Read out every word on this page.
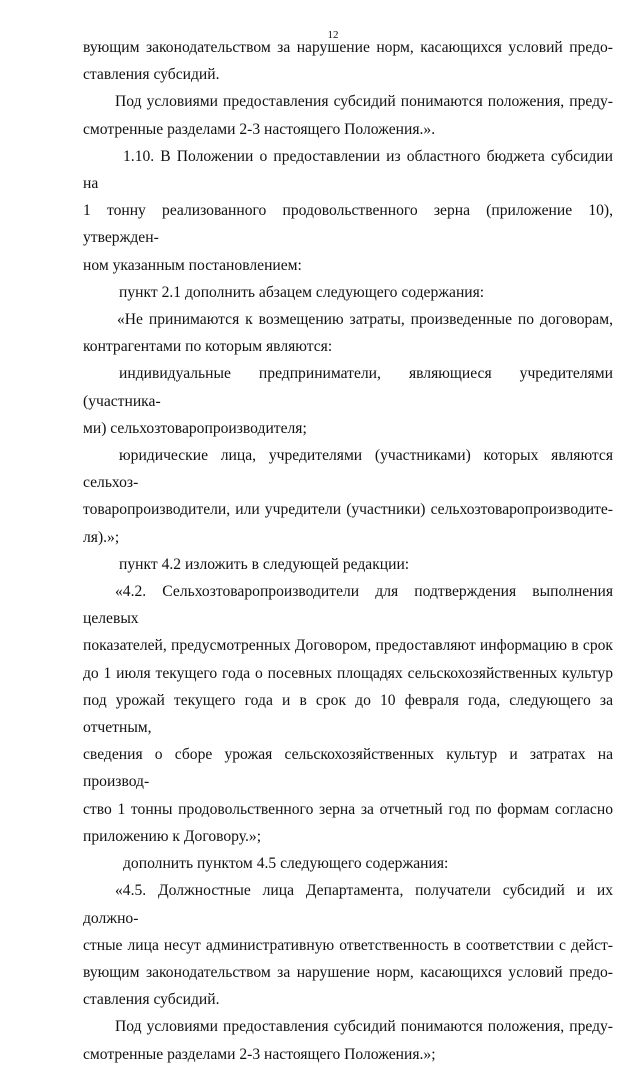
12
вующим законодательством за нарушение норм, касающихся условий предо-
ставления субсидий.
Под условиями предоставления субсидий понимаются положения, преду-
смотренные разделами 2-3 настоящего Положения.».
1.10. В Положении о предоставлении из областного бюджета субсидии на
1 тонну реализованного продовольственного зерна (приложение 10), утвержден-
ном указанным постановлением:
пункт 2.1 дополнить абзацем следующего содержания:
«Не принимаются к возмещению затраты, произведенные по договорам,
контрагентами по которым являются:
индивидуальные предприниматели, являющиеся учредителями (участника-
ми) сельхозтоваропроизводителя;
юридические лица, учредителями (участниками) которых являются сельхоз-
товаропроизводители, или учредители (участники) сельхозтоваропроизводите-
ля).»;
пункт 4.2 изложить в следующей редакции:
«4.2. Сельхозтоваропроизводители для подтверждения выполнения целевых
показателей, предусмотренных Договором, предоставляют информацию в срок
до 1 июля текущего года о посевных площадях сельскохозяйственных культур
под урожай текущего года и в срок до 10 февраля года, следующего за отчетным,
сведения о сборе урожая сельскохозяйственных культур и затратах на производ-
ство 1 тонны продовольственного зерна за отчетный год по формам согласно
приложению к Договору.»;
дополнить пунктом 4.5 следующего содержания:
«4.5. Должностные лица Департамента, получатели субсидий и их должно-
стные лица несут административную ответственность в соответствии с дейст-
вующим законодательством за нарушение норм, касающихся условий предо-
ставления субсидий.
Под условиями предоставления субсидий понимаются положения, преду-
смотренные разделами 2-3 настоящего Положения.»;
